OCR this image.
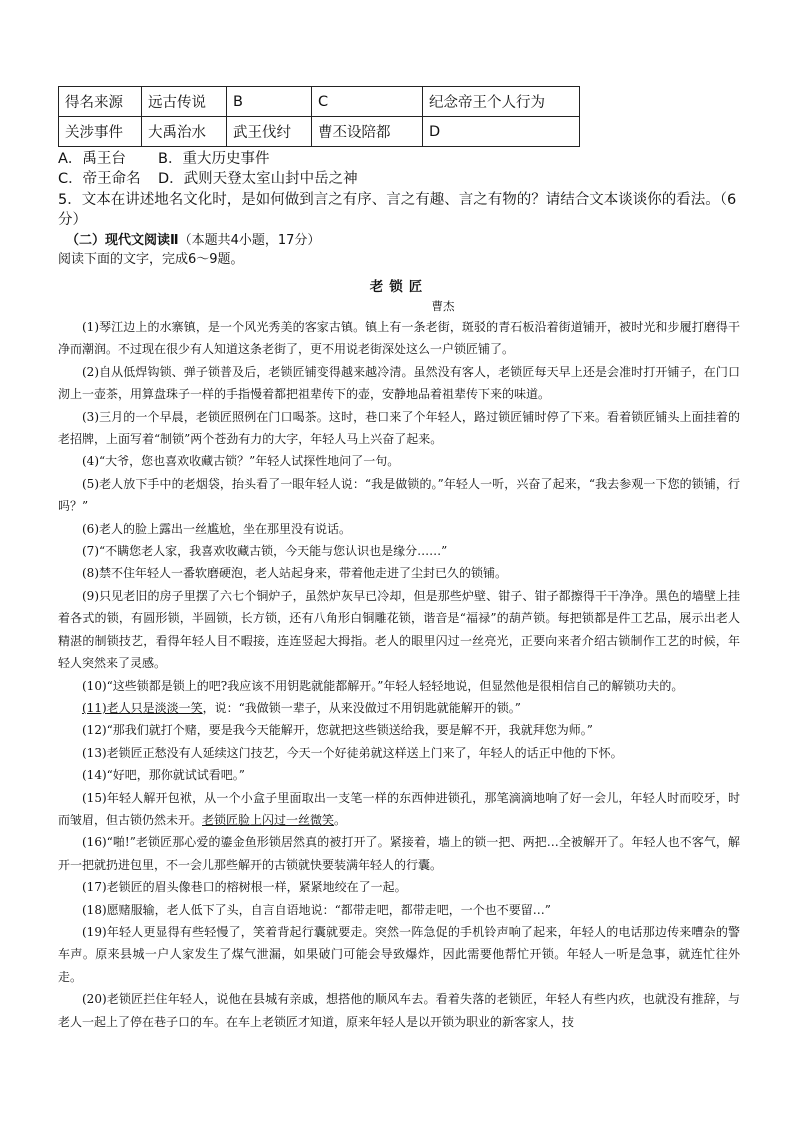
得名来源	远古传说	B	C	纪念帝王个人行为
关涉事件	大禹治水	武王伐纣	曹丕设陪都	D
A．禹王台	B．重大历史事件
C．帝王命名	D．武则天登太室山封中岳之神
5．文本在讲述地名文化时，是如何做到言之有序、言之有趣、言之有物的？请结合文本谈谈你的看法。（6分）
（二）现代文阅读Ⅱ（本题共4小题，17分）
阅读下面的文字，完成6～9题。
老锁匠
曹杰

(1)琴江边上的水寨镇，是一个风光秀美的客家古镇。镇上有一条老街，斑驳的青石板沿着街道铺开，被时光和步履打磨得干净而潮润。不过现在很少有人知道这条老街了，更不用说老街深处这么一户锁匠铺了。

(2)自从低焊钩锁、弹子锁普及后，老锁匠铺变得越来越冷清。虽然没有客人，老锁匠每天早上还是会准时打开铺子，在门口沏上一壶茶，用算盘珠子一样的手指慢着都把祖辈传下的壶，安静地品着祖辈传下来的味道。

(3)三月的一个早晨，老锁匠照例在门口喝茶。这时，巷口来了个年轻人，路过锁匠铺时停了下来。看着锁匠铺头上面挂着的老招牌，上面写着“制锁”两个苍劲有力的大字，年轻人马上兴奋了起来。

(4)“大爷，您也喜欢收藏古锁？”年轻人试探性地问了一句。

(5)老人放下手中的老烟袋，抬头看了一眼年轻人说：“我是做锁的。”年轻人一听，兴奋了起来，“我去参观一下您的锁铺，行吗？”

(6)老人的脸上露出一丝尴尬，坐在那里没有说话。

(7)“不瞒您老人家，我喜欢收藏古锁，今天能与您认识也是缘分……”

(8)禁不住年轻人一番软磨硬泡，老人站起身来，带着他走进了尘封已久的锁铺。

(9)只见老旧的房子里摆了六七个铜炉子，虽然炉灰早已冷却，但是那些炉壁、钳子、钳子都擦得干干净净。黑色的墙壁上挂着各式的锁，有圆形锁，半圆锁，长方锁，还有八角形白铜雕花锁，谐音是“福禄”的葫芦锁。每把锁都是件工艺品，展示出老人精湛的制锁技艺，看得年轻人目不暇接，连连竖起大拇指。老人的眼里闪过一丝亮光，正要向来者介绍古锁制作工艺的时候，年轻人突然来了灵感。

(10)“这些锁都是锁上的吧?我应该不用钥匙就能都解开。”年轻人轻轻地说，但显然他是很相信自己的解锁功夫的。

(11)老人只是淡淡一笑，说：“我做锁一辈子，从来没做过不用钥匙就能解开的锁。”

(12)“那我们就打个赌，要是我今天能解开，您就把这些锁送给我，要是解不开，我就拜您为师。”

(13)老锁匠正愁没有人延续这门技艺，今天一个好徒弟就这样送上门来了，年轻人的话正中他的下怀。

(14)“好吧，那你就试试看吧。”

(15)年轻人解开包袱，从一个小盒子里面取出一支笔一样的东西伸进锁孔，那笔滴滴地响了好一会儿，年轻人时而咬牙，时而皱眉，但古锁仍然未开。老锁匠脸上闪过一丝微笑。

(16)“啪!”老锁匠那心爱的鎏金鱼形锁居然真的被打开了。紧接着，墙上的锁一把、两把…全被解开了。年轻人也不客气，解开一把就扔进包里，不一会儿那些解开的古锁就快要装满年轻人的行囊。

(17)老锁匠的眉头像巷口的榕树根一样，紧紧地绞在了一起。

(18)愿赌服输，老人低下了头，自言自语地说：“都带走吧，都带走吧，一个也不要留…”

(19)年轻人更显得有些轻慢了，笑着背起行囊就要走。突然一阵急促的手机铃声响了起来，年轻人的电话那边传来嘈杂的警车声。原来县城一户人家发生了煤气泄漏，如果破门可能会导致爆炸，因此需要他帮忙开锁。年轻人一听是急事，就连忙往外走。

(20)老锁匠拦住年轻人，说他在县城有亲戚，想搭他的顺风车去。看着失落的老锁匠，年轻人有些内疚，也就没有推辞，与老人一起上了停在巷子口的车。在车上老锁匠才知道，原来年轻人是以开锁为职业的新客家人，技
